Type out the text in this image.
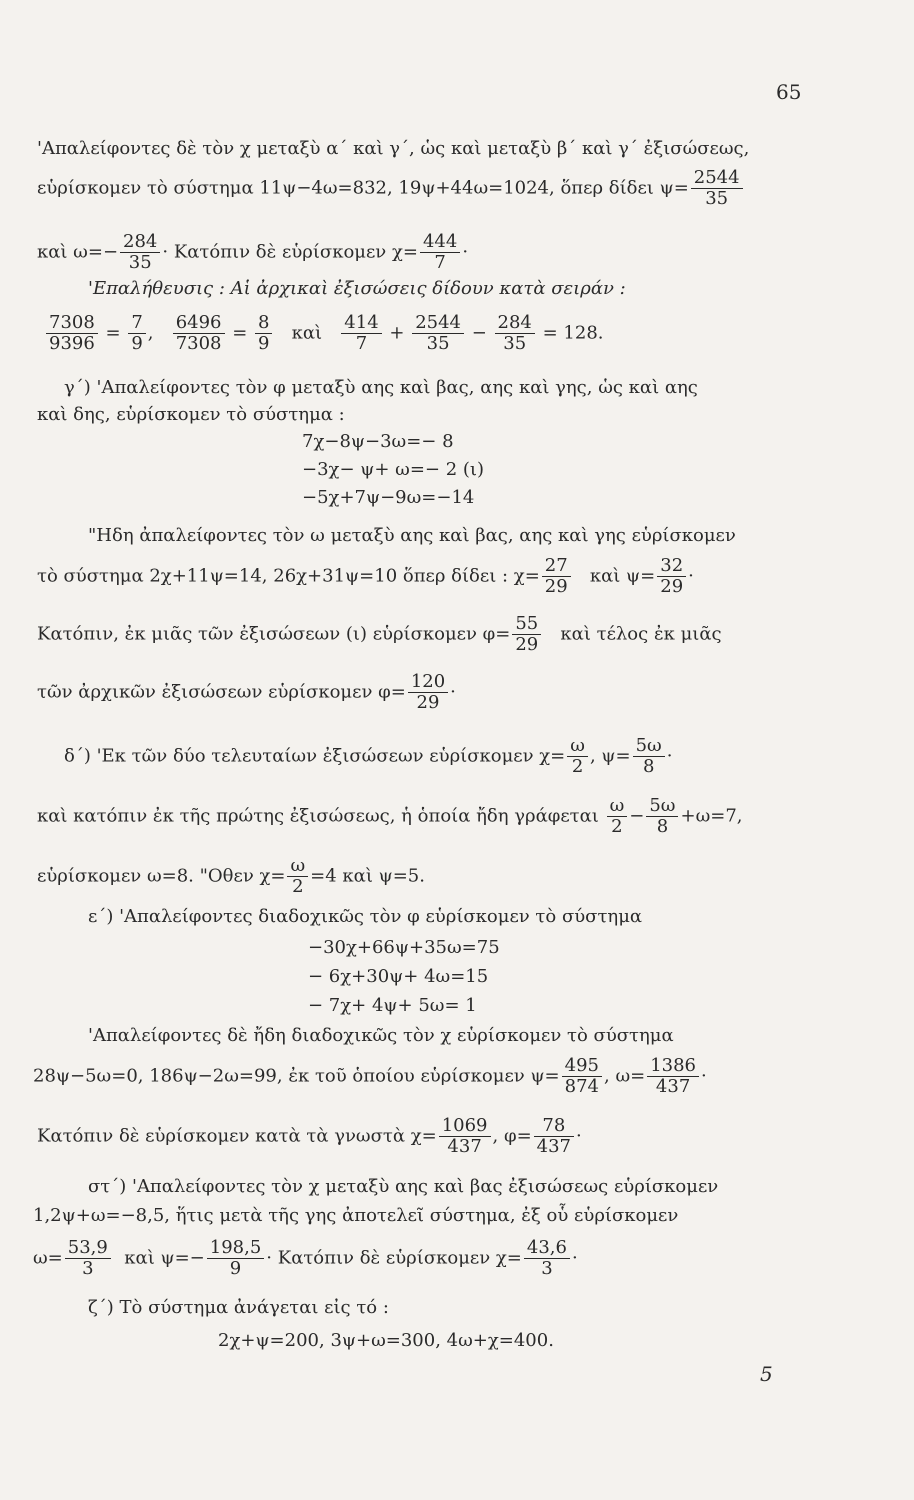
65
'Απαλείφοντες δὲ τὸν χ μεταξὺ α΄ καὶ γ΄, ὡς καὶ μεταξὺ β΄ καὶ γ΄ ἐξισώσεως,
εὑρίσκομεν τὸ σύστημα 11ψ−4ω=832, 19ψ+44ω=1024, ὅπερ δίδει $\psi= \frac{2544}{35}$
καὶ $\omega=- \frac{284}{35} \cdot K\alpha\tau ό\pi\iota\nu$ δὲ εὑρίσκομεν $\chi= \frac{444}{7}$ ·
'Επαλήθευσις : Αἱ ἀρχικαὶ ἐξισώσεις δίδουν κατὰ σειράν :
$\frac{7308}{9396} = \frac{7}{9}$ , $\frac{6496}{7308} = \frac{8}{9}$ καὶ $\frac{414}{7} + \frac{2544}{35} - \frac{284}{35} = 128$.
γ΄) 'Απαλείφοντες τὸν φ μεταξὺ αης καὶ βας, αης καὶ γης, ὡς καὶ αης
καὶ δης, εὑρίσκομεν τὸ σύστημα :
7χ−8ψ−3ω=− 8
−3χ− ψ+ ω=− 2 (ι)
−5χ+7ψ−9ω=−14
"Ηδη ἀπαλείφοντες τὸν ω μεταξὺ αης καὶ βας, αης καὶ γης εὑρίσκομεν
τὸ σύστημα 2χ+11ψ=14, 26χ+31ψ=10 ὅπερ δίδει : $\chi= \frac{27}{29}$ καὶ $\psi= \frac{32}{29}$ ·
Κατόπιν, ἐκ μιᾶς τῶν ἐξισώσεων (ι) εὑρίσκομεν $\varphi= \frac{55}{29}$ καὶ τέλος ἐκ μιᾶς
τῶν ἀρχικῶν ἐξισώσεων εὑρίσκομεν $\varphi= \frac{120}{29}$ ·
δ΄) 'Εκ τῶν δύο τελευταίων ἐξισώσεων εὑρίσκομεν $\chi= \frac{\omega}{2}$ , $\psi= \frac{5\omega}{8}$ ·
καὶ κατόπιν ἐκ τῆς πρώτης ἐξισώσεως, ἡ ὁποία ἤδη γράφεται $\frac{\omega}{2} - \frac{5\omega}{8} +\omega=7$,
εὑρίσκομεν ω=8. "Οθεν $\chi= \frac{\omega}{2} =4$ καὶ ψ=5.
ε΄) 'Απαλείφοντες διαδοχικῶς τὸν φ εὑρίσκομεν τὸ σύστημα
−30χ+66ψ+35ω=75
− 6χ+30ψ+ 4ω=15
− 7χ+ 4ψ+ 5ω= 1
'Απαλείφοντες δὲ ἤδη διαδοχικῶς τὸν χ εὑρίσκομεν τὸ σύστημα
28ψ−5ω=0, 186ψ−2ω=99, ἐκ τοῦ ὁποίου εὑρίσκομεν $\psi= \frac{495}{874}$ , $\omega= \frac{1386}{437}$ ·
Κατόπιν δὲ εὑρίσκομεν κατὰ τὰ γνωστὰ $\chi= \frac{1069}{437}$ , $\varphi= \frac{78}{437}$ ·
στ΄) 'Απαλείφοντες τὸν χ μεταξὺ αης καὶ βας ἐξισώσεως εὑρίσκομεν
1,2ψ+ω=−8,5, ἥτις μετὰ τῆς γης ἀποτελεῖ σύστημα, ἐξ οὗ εὑρίσκομεν
$\omega= \frac{53,9}{3}$ καὶ $\psi=- \frac{198,5}{9} \cdot K\alpha\tau ό\pi\iota\nu$ δὲ εὑρίσκομεν $\chi= \frac{43,6}{3}$ ·
ζ΄) Τὸ σύστημα ἀνάγεται εἰς τό :
2χ+ψ=200, 3ψ+ω=300, 4ω+χ=400.
5
